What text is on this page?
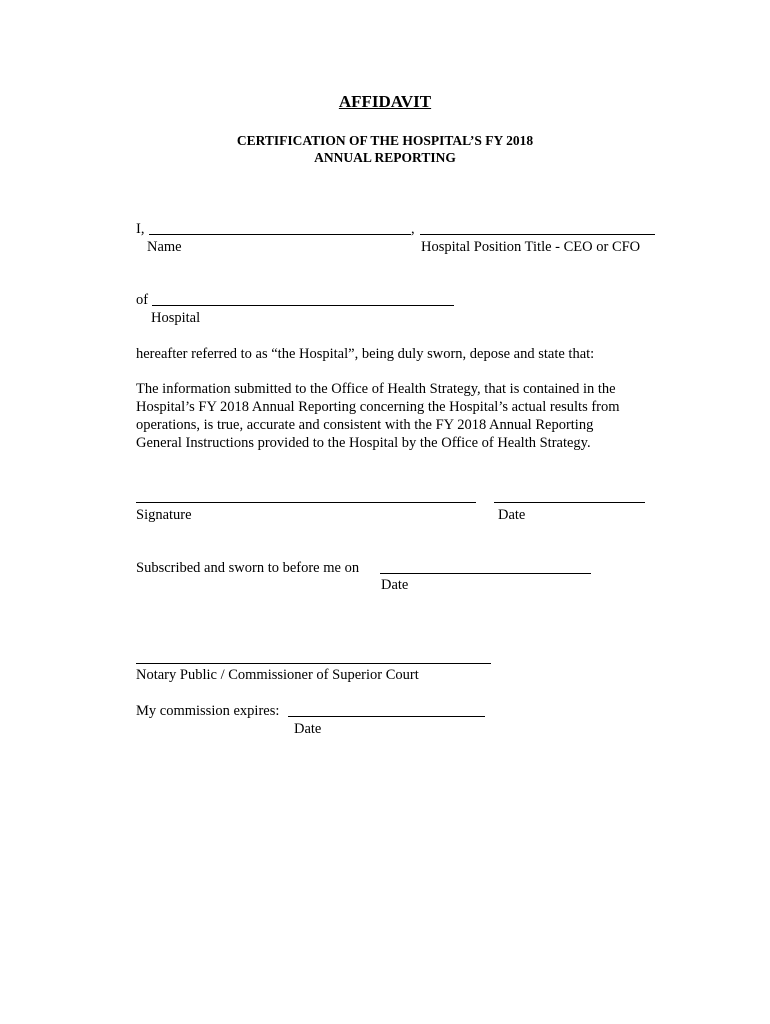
AFFIDAVIT
CERTIFICATION OF THE HOSPITAL’S FY 2018
ANNUAL REPORTING
I,	,
Name	Hospital Position Title - CEO or CFO
of
Hospital
hereafter referred to as “the Hospital”, being duly sworn, depose and state that:
The information submitted to the Office of Health Strategy, that is contained in the
Hospital’s FY 2018 Annual Reporting concerning the Hospital’s actual results from
operations, is true, accurate and consistent with the FY 2018 Annual Reporting
General Instructions provided to the Hospital by the Office of Health Strategy.
Signature	Date
Subscribed and sworn to before me on
Date
Notary Public / Commissioner of Superior Court
My commission expires:
Date
